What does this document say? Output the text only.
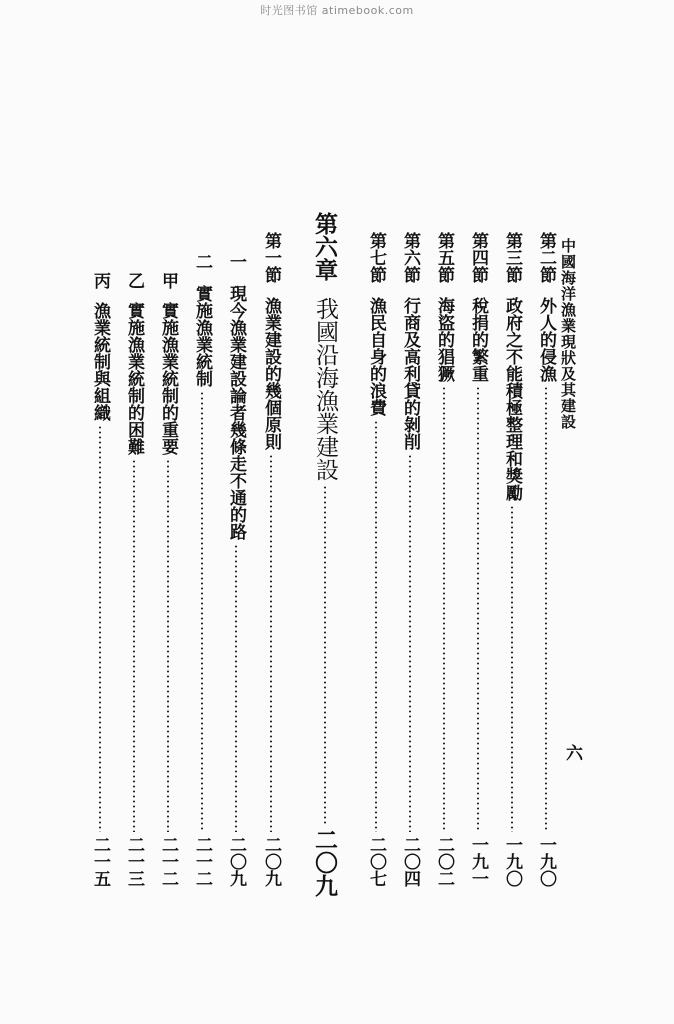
时光图书馆 atimebook.com
中國海洋漁業現狀及其建設
六
第二節
外人的侵漁
一九〇
第三節
政府之不能積極整理和獎勵
一九〇
第四節
稅捐的繁重
一九一
第五節
海盜的猖獗
二〇二
第六節
行商及高利貸的剝削
二〇四
第七節
漁民自身的浪費
二〇七
第六章
我國沿海漁業建設
二〇九
第一節
漁業建設的幾個原則
二〇九
一
現今漁業建設論者幾條走不通的路
二〇九
二
實施漁業統制
二一二
甲
實施漁業統制的重要
二一二
乙
實施漁業統制的困難
二一三
丙
漁業統制與組織
二一五
